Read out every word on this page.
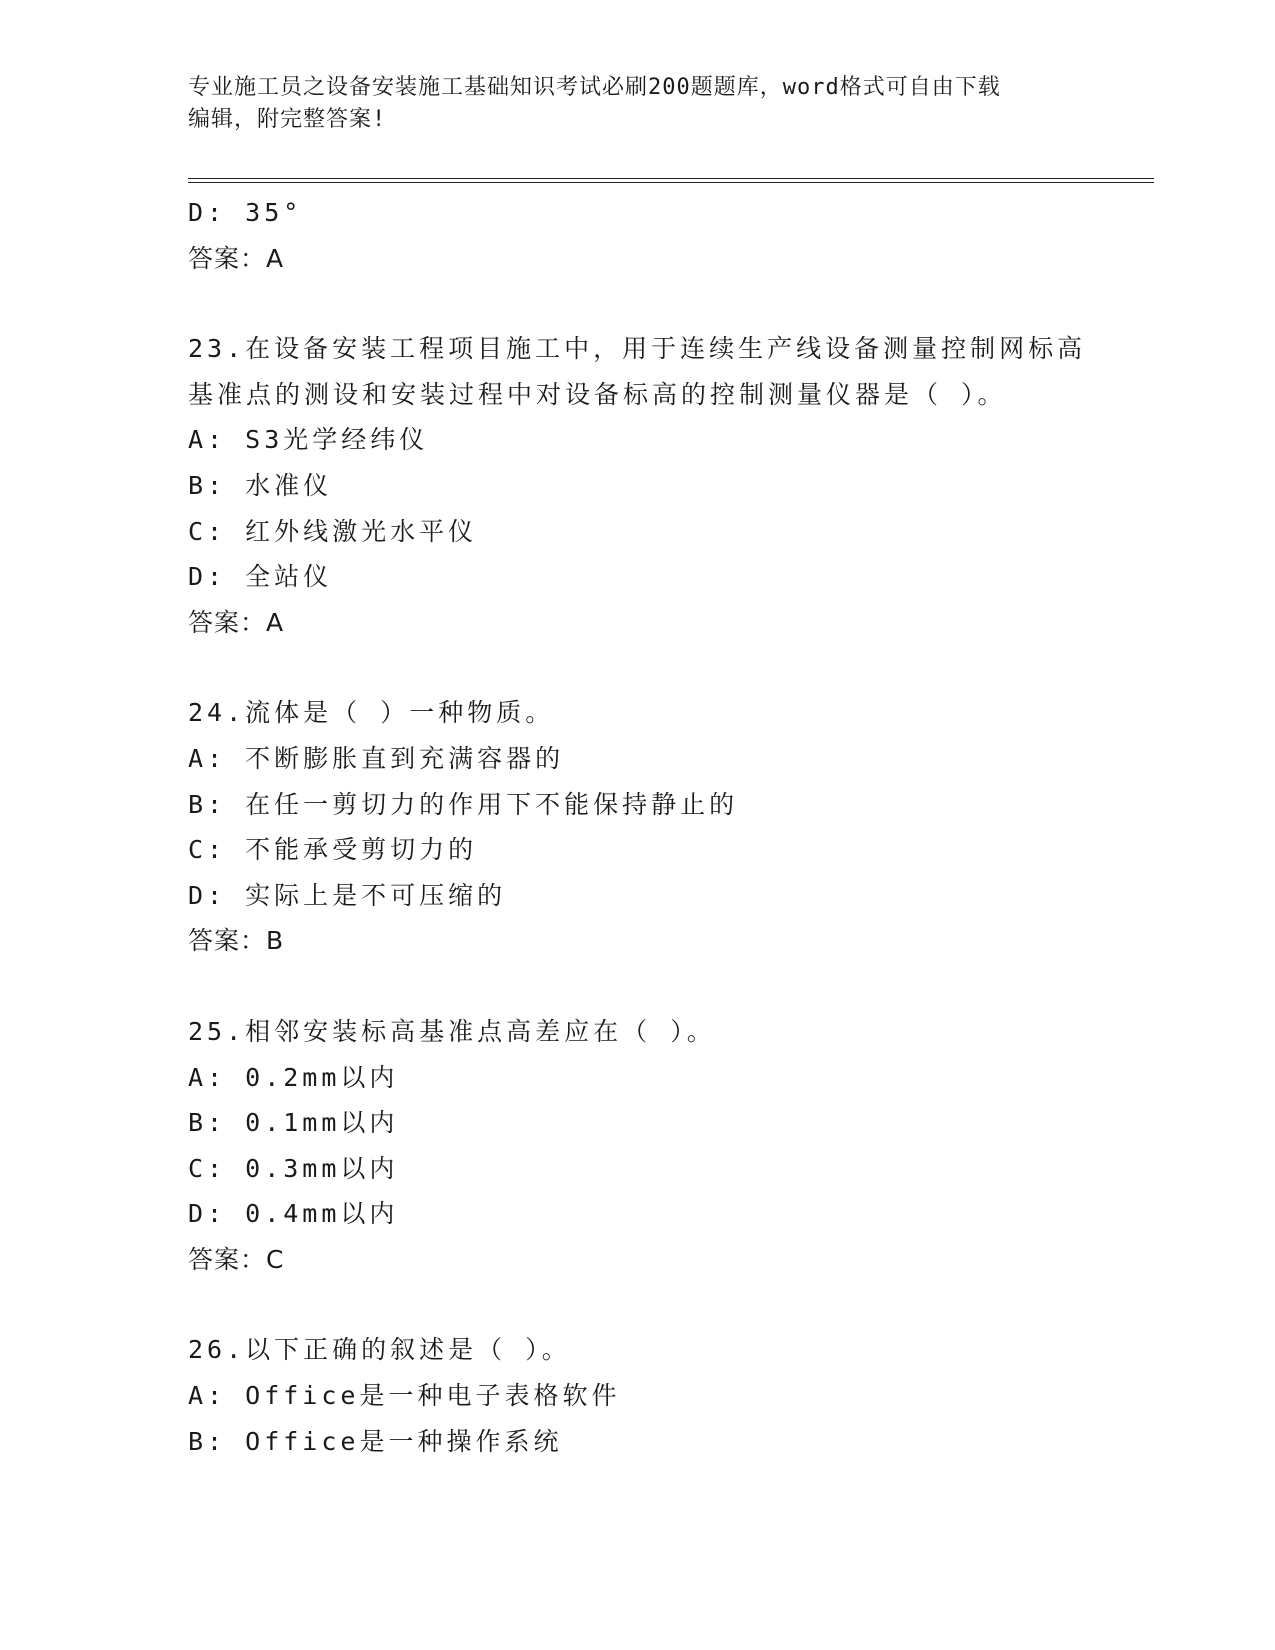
专业施工员之设备安装施工基础知识考试必刷200题题库，word格式可自由下载
编辑，附完整答案!
D: 35°
答案：A
23.在设备安装工程项目施工中，用于连续生产线设备测量控制网标高
基准点的测设和安装过程中对设备标高的控制测量仪器是（ ）。
A: S3光学经纬仪
B: 水准仪
C: 红外线激光水平仪
D: 全站仪
答案：A
24.流体是（ ）一种物质。
A: 不断膨胀直到充满容器的
B: 在任一剪切力的作用下不能保持静止的
C: 不能承受剪切力的
D: 实际上是不可压缩的
答案：B
25.相邻安装标高基准点高差应在（ ）。
A: 0.2mm以内
B: 0.1mm以内
C: 0.3mm以内
D: 0.4mm以内
答案：C
26.以下正确的叙述是（ ）。
A: Office是一种电子表格软件
B: Office是一种操作系统
